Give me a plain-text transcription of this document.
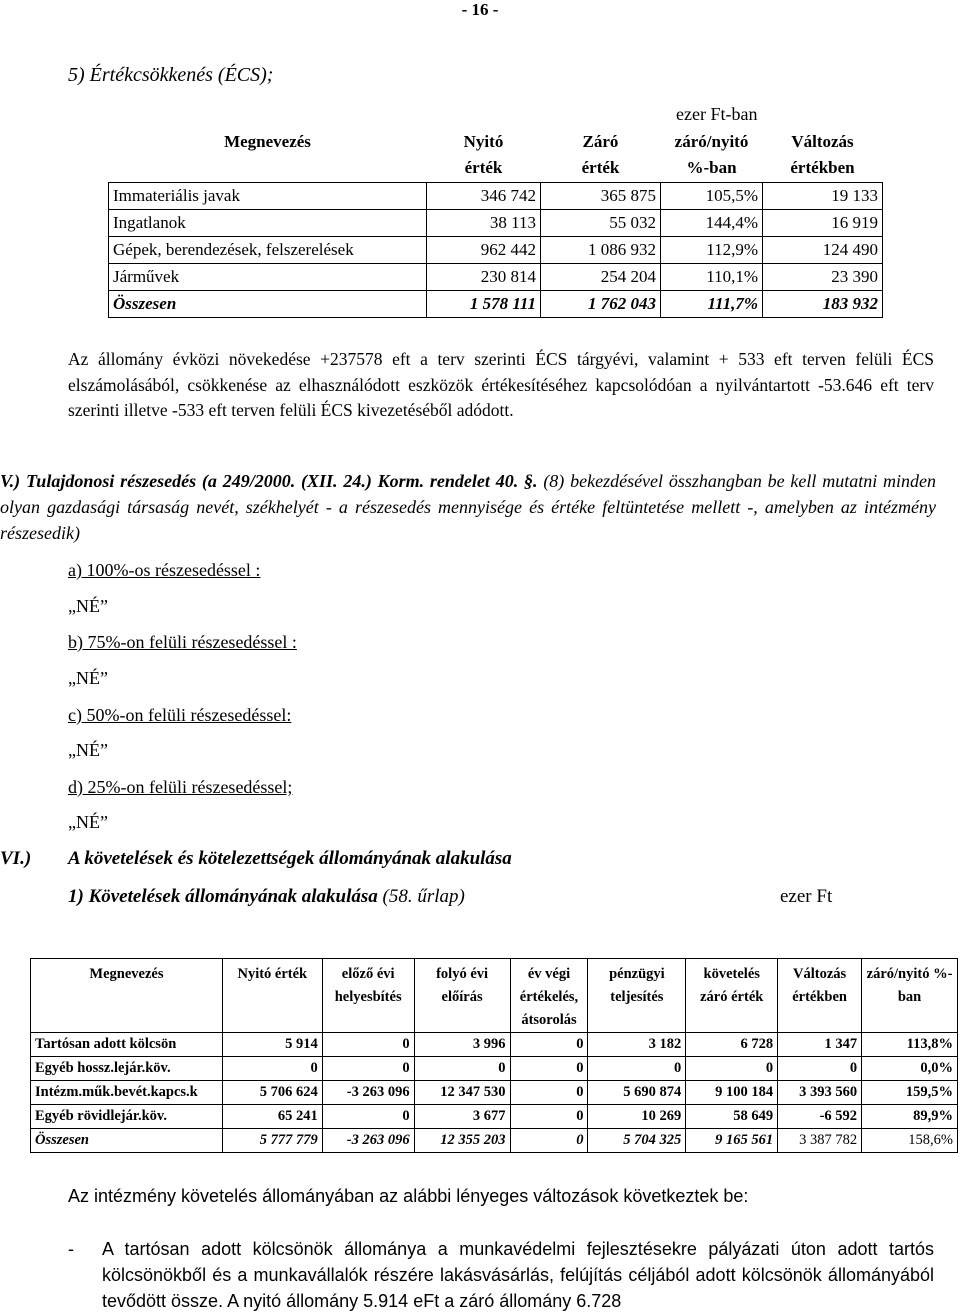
- 16 -
5) Értékcsökkenés (ÉCS);
ezer Ft-ban
Megnevezés	Nyitó	Záró	záró/nyitó	Változás
	érték	érték	%-ban	értékben
Immateriális javak	346 742	365 875	105,5%	19 133
Ingatlanok	38 113	55 032	144,4%	16 919
Gépek, berendezések, felszerelések	962 442	1 086 932	112,9%	124 490
Járművek	230 814	254 204	110,1%	23 390
Összesen	1 578 111	1 762 043	111,7%	183 932
Az állomány évközi növekedése +237578 eft a terv szerinti ÉCS tárgyévi, valamint + 533 eft terven felüli ÉCS elszámolásából, csökkenése az elhasználódott eszközök értékesítéséhez kapcsolódóan a nyilvántartott -53.646 eft terv szerinti illetve -533 eft terven felüli ÉCS kivezetéséből adódott.
V.) Tulajdonosi részesedés (a 249/2000. (XII. 24.) Korm. rendelet 40. §. (8) bekezdésével összhangban be kell mutatni minden olyan gazdasági társaság nevét, székhelyét - a részesedés mennyisége és értéke feltüntetése mellett -, amelyben az intézmény részesedik)
a) 100%-os részesedéssel :
„NÉ”
b) 75%-on felüli részesedéssel :
„NÉ”
c) 50%-on felüli részesedéssel:
„NÉ”
d) 25%-on felüli részesedéssel;
„NÉ”
VI.) A követelések és kötelezettségek állományának alakulása
1) Követelések állományának alakulása (58. űrlap)	ezer Ft
Megnevezés	Nyitó érték	előző évi helyesbítés	folyó évi előírás	év végi értékelés, átsorolás	pénzügyi teljesítés	követelés záró érték	Változás értékben	záró/nyitó %-ban
Tartósan adott kölcsön	5 914	0	3 996	0	3 182	6 728	1 347	113,8%
Egyéb hossz.lejár.köv.	0	0	0	0	0	0	0	0,0%
Intézm.műk.bevét.kapcs.k	5 706 624	-3 263 096	12 347 530	0	5 690 874	9 100 184	3 393 560	159,5%
Egyéb rövidlejár.köv.	65 241	0	3 677	0	10 269	58 649	-6 592	89,9%
Összesen	5 777 779	-3 263 096	12 355 203	0	5 704 325	9 165 561	3 387 782	158,6%
Az intézmény követelés állományában az alábbi lényeges változások következtek be:
-	A tartósan adott kölcsönök állománya a munkavédelmi fejlesztésekre pályázati úton adott tartós kölcsönökből és a munkavállalók részére lakásvásárlás, felújítás céljából adott kölcsönök állományából tevődött össze. A nyitó állomány 5.914 eFt a záró állomány 6.728
